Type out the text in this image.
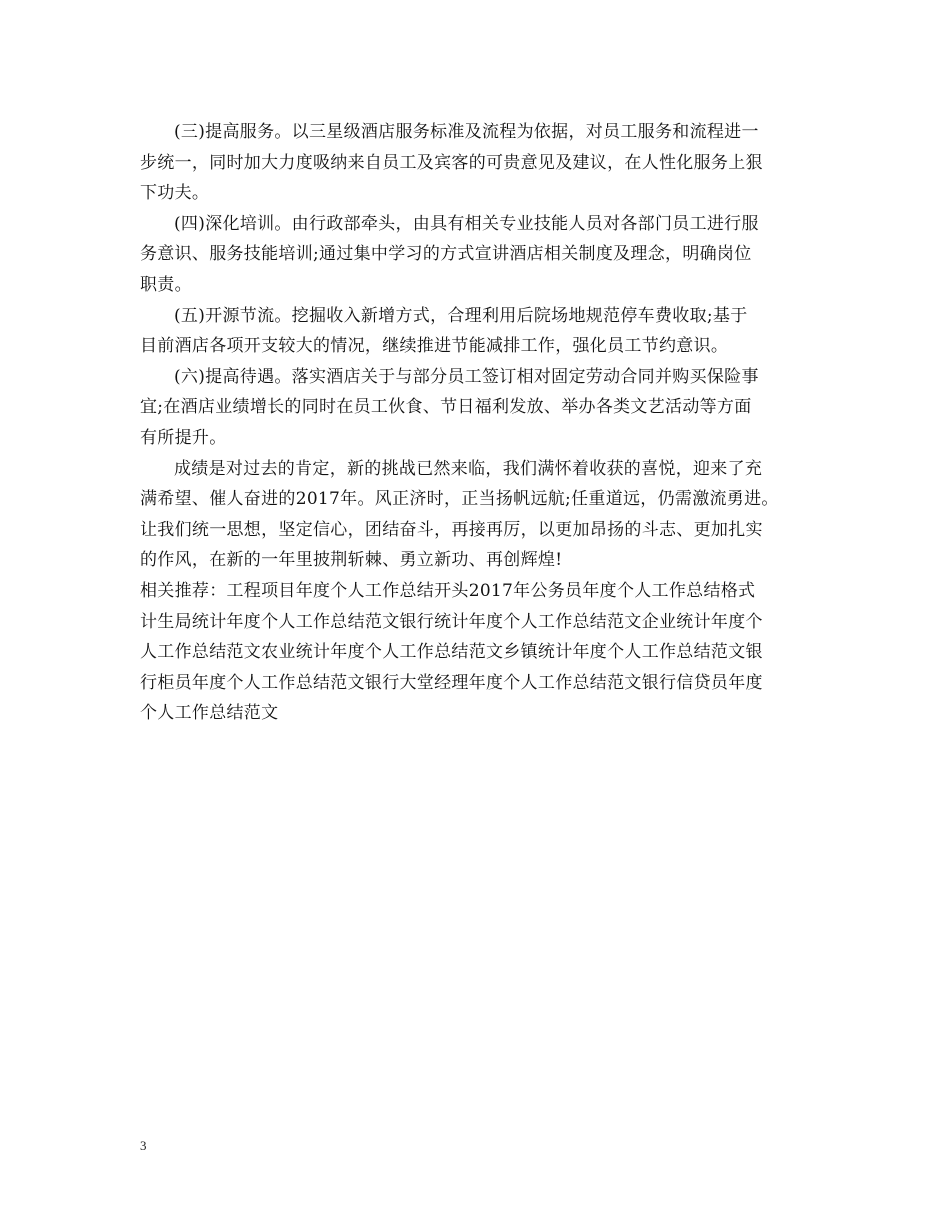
(三)提高服务。以三星级酒店服务标准及流程为依据，对员工服务和流程进一
步统一，同时加大力度吸纳来自员工及宾客的可贵意见及建议，在人性化服务上狠
下功夫。
(四)深化培训。由行政部牵头，由具有相关专业技能人员对各部门员工进行服
务意识、服务技能培训;通过集中学习的方式宣讲酒店相关制度及理念，明确岗位
职责。
(五)开源节流。挖掘收入新增方式，合理利用后院场地规范停车费收取;基于
目前酒店各项开支较大的情况，继续推进节能减排工作，强化员工节约意识。
(六)提高待遇。落实酒店关于与部分员工签订相对固定劳动合同并购买保险事
宜;在酒店业绩增长的同时在员工伙食、节日福利发放、举办各类文艺活动等方面
有所提升。
成绩是对过去的肯定，新的挑战已然来临，我们满怀着收获的喜悦，迎来了充
满希望、催人奋进的2017年。风正济时，正当扬帆远航;任重道远，仍需激流勇进。
让我们统一思想，坚定信心，团结奋斗，再接再厉，以更加昂扬的斗志、更加扎实
的作风，在新的一年里披荆斩棘、勇立新功、再创辉煌!
相关推荐：工程项目年度个人工作总结开头2017年公务员年度个人工作总结格式
计生局统计年度个人工作总结范文银行统计年度个人工作总结范文企业统计年度个
人工作总结范文农业统计年度个人工作总结范文乡镇统计年度个人工作总结范文银
行柜员年度个人工作总结范文银行大堂经理年度个人工作总结范文银行信贷员年度
个人工作总结范文
3
